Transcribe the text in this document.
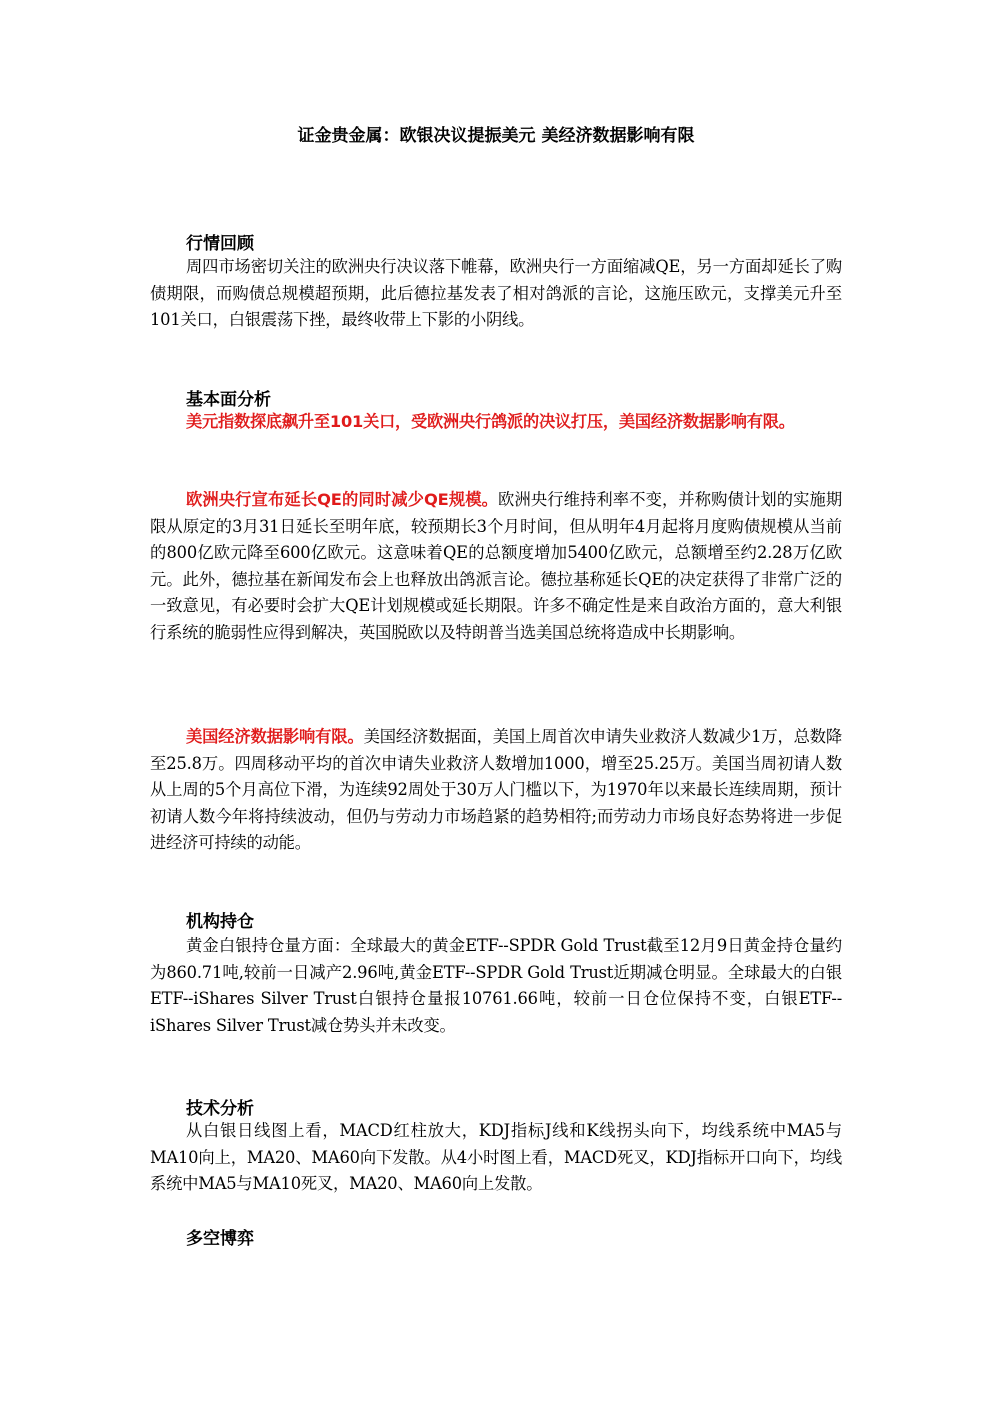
证金贵金属：欧银决议提振美元 美经济数据影响有限
行情回顾

周四市场密切关注的欧洲央行决议落下帷幕，欧洲央行一方面缩减QE，另一方面却延长了购债期限，而购债总规模超预期，此后德拉基发表了相对鸽派的言论，这施压欧元，支撑美元升至101关口，白银震荡下挫，最终收带上下影的小阴线。

基本面分析

美元指数探底飙升至101关口，受欧洲央行鸽派的决议打压，美国经济数据影响有限。

欧洲央行宣布延长QE的同时减少QE规模。欧洲央行维持利率不变，并称购债计划的实施期限从原定的3月31日延长至明年底，较预期长3个月时间，但从明年4月起将月度购债规模从当前的800亿欧元降至600亿欧元。这意味着QE的总额度增加5400亿欧元，总额增至约2.28万亿欧元。此外，德拉基在新闻发布会上也释放出鸽派言论。德拉基称延长QE的决定获得了非常广泛的一致意见，有必要时会扩大QE计划规模或延长期限。许多不确定性是来自政治方面的，意大利银行系统的脆弱性应得到解决，英国脱欧以及特朗普当选美国总统将造成中长期影响。

美国经济数据影响有限。美国经济数据面，美国上周首次申请失业救济人数减少1万，总数降至25.8万。四周移动平均的首次申请失业救济人数增加1000，增至25.25万。美国当周初请人数从上周的5个月高位下滑，为连续92周处于30万人门槛以下，为1970年以来最长连续周期，预计初请人数今年将持续波动，但仍与劳动力市场趋紧的趋势相符;而劳动力市场良好态势将进一步促进经济可持续的动能。

机构持仓

黄金白银持仓量方面：全球最大的黄金ETF--SPDR Gold Trust截至12月9日黄金持仓量约为860.71吨,较前一日减产2.96吨,黄金ETF--SPDR Gold Trust近期减仓明显。全球最大的白银ETF--iShares Silver Trust白银持仓量报10761.66吨，较前一日仓位保持不变，白银ETF--iShares Silver Trust减仓势头并未改变。

技术分析

从白银日线图上看，MACD红柱放大，KDJ指标J线和K线拐头向下，均线系统中MA5与MA10向上，MA20、MA60向下发散。从4小时图上看，MACD死叉，KDJ指标开口向下，均线系统中MA5与MA10死叉，MA20、MA60向上发散。

多空博弈
